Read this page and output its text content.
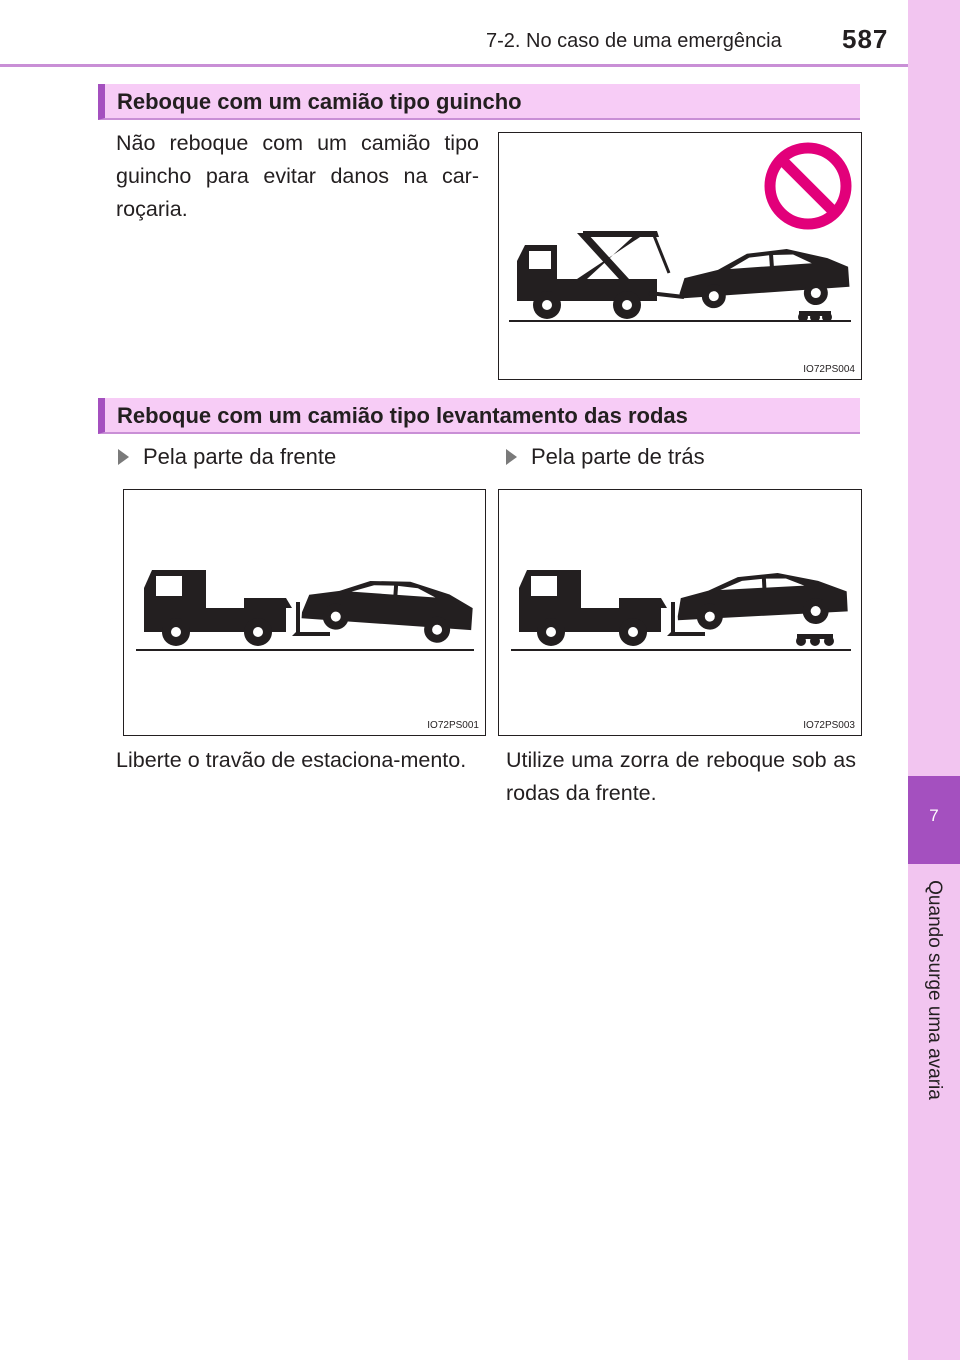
7-2. No caso de uma emergência 587
7
Quando surge uma avaria
Reboque com um camião tipo guincho
Não reboque com um camião tipo guincho para evitar danos na car-roçaria.
IO72PS004
Reboque com um camião tipo levantamento das rodas
Pela parte da frente	Pela parte de trás
IO72PS001	IO72PS003
Liberte o travão de estaciona-mento.	Utilize uma zorra de reboque sob as rodas da frente.
